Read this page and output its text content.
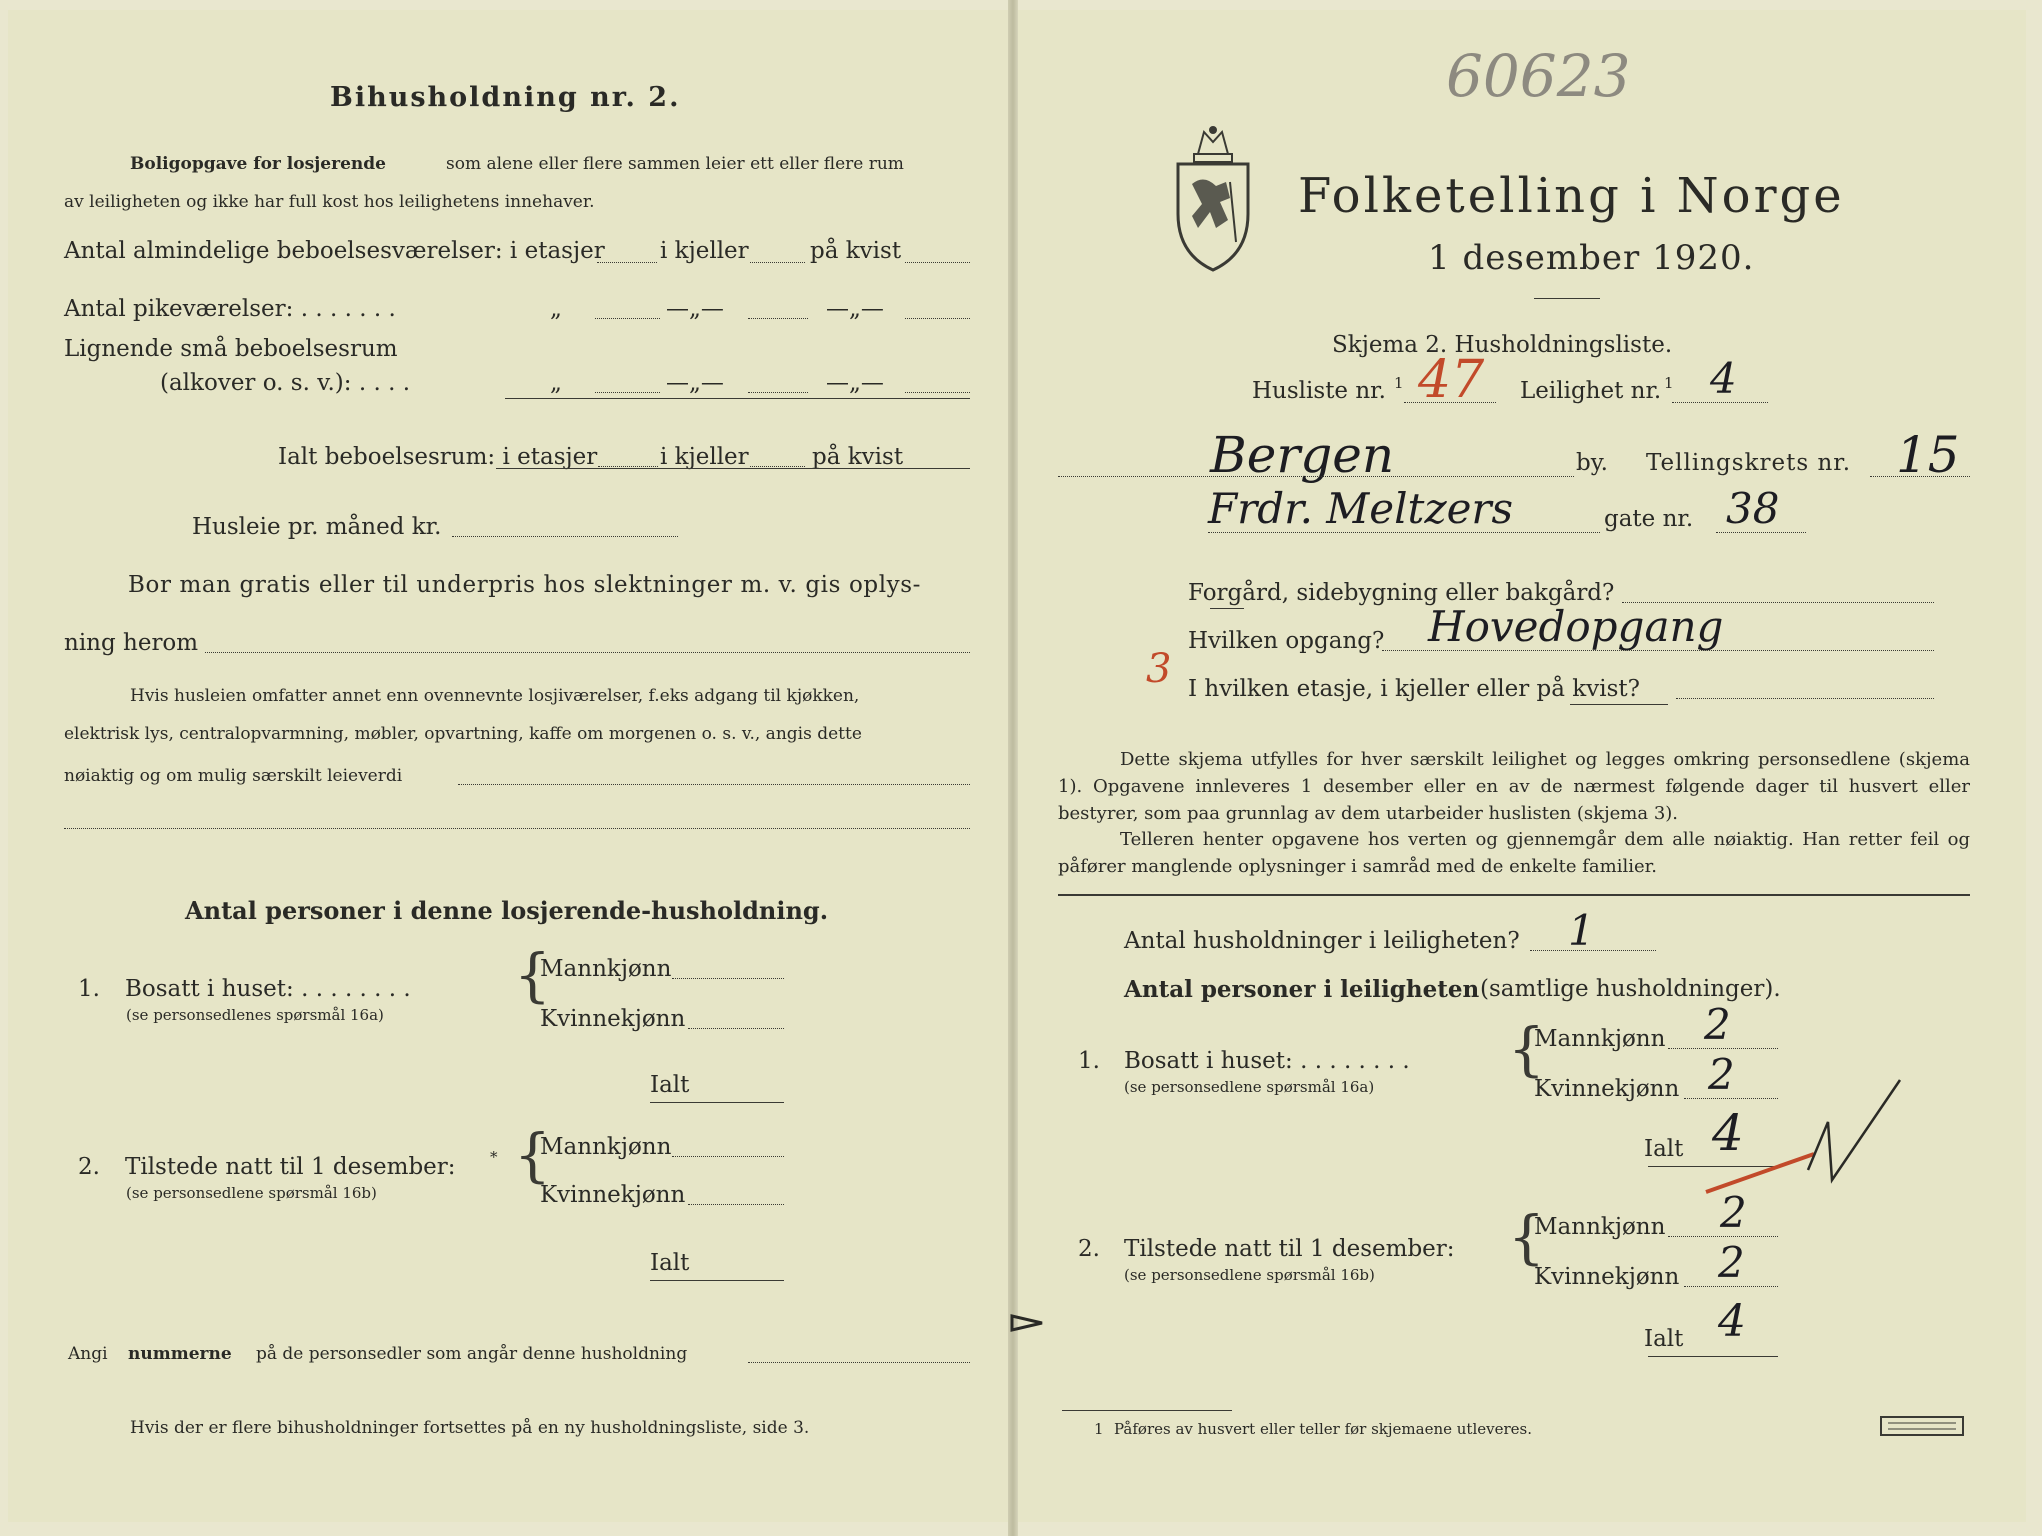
Bihusholdning nr. 2.
Boligopgave for losjerende	som alene eller flere sammen leier ett eller flere rum
av leiligheten og ikke har full kost hos leilighetens innehaver.
Antal almindelige beboelsesværelser: i etasjer i kjeller	på kvist
Antal pikeværelser: . . . . . . .	„	—„—	—„—
Lignende små beboelsesrum
(alkover o. s. v.): . . . .	„	—„—	—„—
Ialt beboelsesrum: i etasjer	i kjeller	på kvist
Husleie pr. måned kr.
Bor man gratis eller til underpris hos slektninger m. v. gis oplys-
ning herom
Hvis husleien omfatter annet enn ovennevnte losjiværelser, f.eks adgang til kjøkken,
elektrisk lys, centralopvarmning, møbler, opvartning, kaffe om morgenen o. s. v., angis dette
nøiaktig og om mulig særskilt leieverdi
Antal personer i denne losjerende-husholdning.
1. Bosatt i huset: . . . . . . . .
(se personsedlenes spørsmål 16a)
{
Mannkjønn
Kvinnekjønn
Ialt
2. Tilstede natt til 1 desember: *
(se personsedlene spørsmål 16b)
{
Mannkjønn
Kvinnekjønn
Ialt
Angi nummerne på de personsedler som angår denne husholdning
Hvis der er flere bihusholdninger fortsettes på en ny husholdningsliste, side 3.
60623
Folketelling i Norge
1 desember 1920.
Skjema 2. Husholdningsliste.
Husliste nr. 1 47 Leilighet nr. 1 4
Bergen	by. Tellingskrets nr. 15
Frdr. Meltzers	gate nr. 38
Forgård, sidebygning eller bakgård?
Hvilken opgang? Hovedopgang
3 I hvilken etasje, i kjeller eller på kvist?
Dette skjema utfylles for hver særskilt leilighet og legges omkring personsedlene (skjema 1). Opgavene innleveres 1 desember eller en av de nærmest følgende dager til husvert eller bestyrer, som paa grunnlag av dem utarbeider huslisten (skjema 3).
Telleren henter opgavene hos verten og gjennemgår dem alle nøiaktig. Han retter feil og påfører manglende oplysninger i samråd med de enkelte familier.
Antal husholdninger i leiligheten? 1
Antal personer i leiligheten (samtlige husholdninger).
1. Bosatt i huset: . . . . . . . .
(se personsedlene spørsmål 16a)
{
Mannkjønn 2
Kvinnekjønn 2
Ialt 4
2. Tilstede natt til 1 desember:
(se personsedlene spørsmål 16b)
{
Mannkjønn 2
Kvinnekjønn 2
Ialt 4
1 Påføres av husvert eller teller før skjemaene utleveres.
